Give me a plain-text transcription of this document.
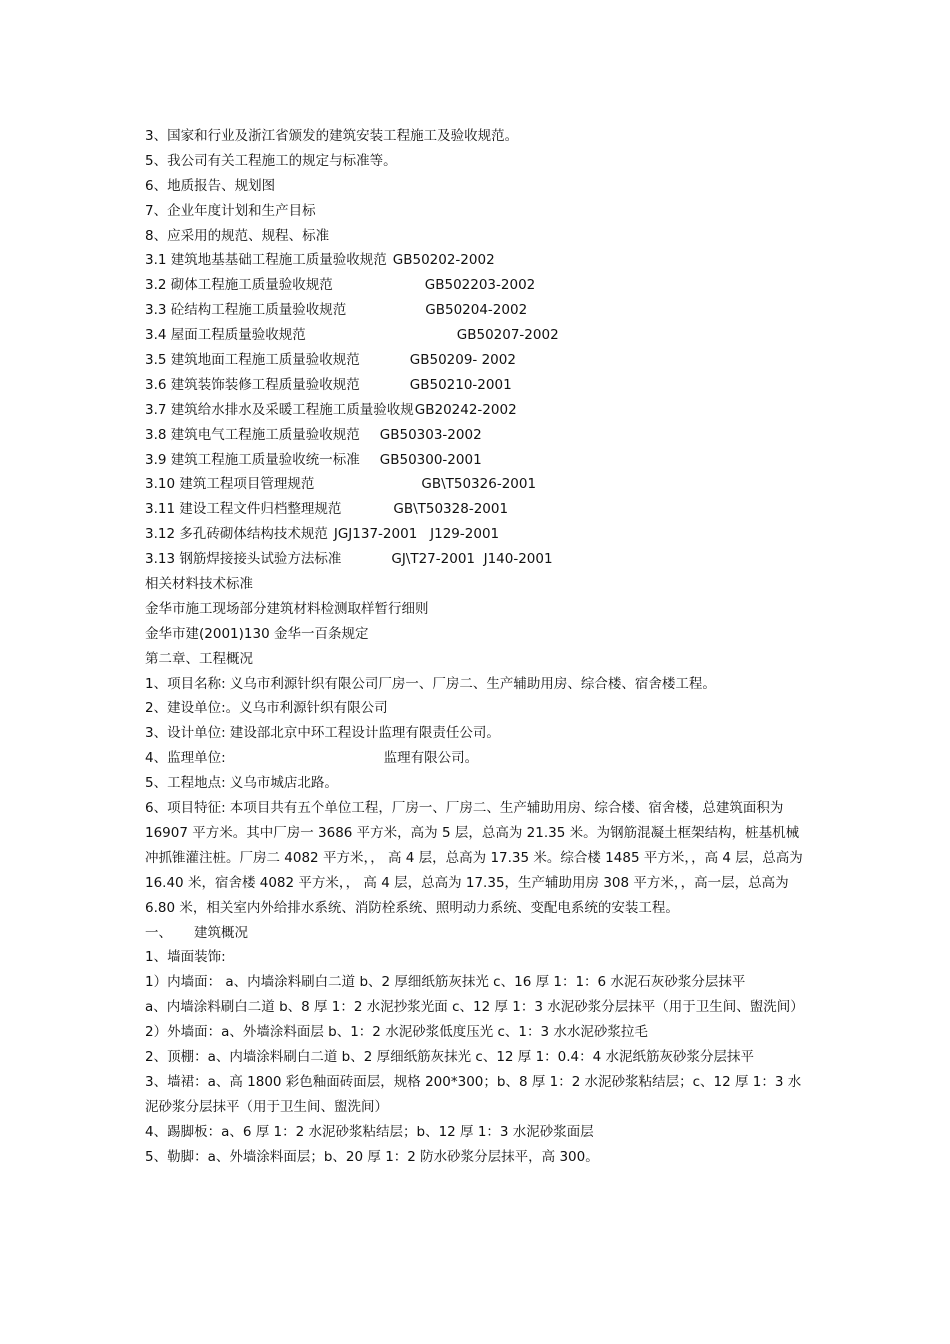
3、国家和行业及浙江省颁发的建筑安装工程施工及验收规范。
5、我公司有关工程施工的规定与标准等。
6、地质报告、规划图
7、企业年度计划和生产目标
8、应采用的规范、规程、标准
3.1 建筑地基基础工程施工质量验收规范 GB50202-2002
3.2 砌体工程施工质量验收规范	GB502203-2002
3.3 砼结构工程施工质量验收规范	GB50204-2002
3.4 屋面工程质量验收规范	GB50207-2002
3.5 建筑地面工程施工质量验收规范	GB50209- 2002
3.6 建筑装饰装修工程质量验收规范	GB50210-2001
3.7 建筑给水排水及采暖工程施工质量验收规GB20242-2002
3.8 建筑电气工程施工质量验收规范 GB50303-2002
3.9 建筑工程施工质量验收统一标准 GB50300-2001
3.10 建筑工程项目管理规范	GB\T50326-2001
3.11 建设工程文件归档整理规范	GB\T50328-2001
3.12 多孔砖砌体结构技术规范 JGJ137-2001   J129-2001
3.13 钢筋焊接接头试验方法标准	GJ\T27-2001  J140-2001
相关材料技术标准
金华市施工现场部分建筑材料检测取样暂行细则
金华市建(2001)130 金华一百条规定
第二章、工程概况
1、项目名称: 义乌市利源针织有限公司厂房一、厂房二、生产辅助用房、综合楼、宿舍楼工程。
2、建设单位:。义乌市利源针织有限公司
3、设计单位: 建设部北京中环工程设计监理有限责任公司。
4、监理单位:	监理有限公司。
5、工程地点: 义乌市城店北路。
6、项目特征: 本项目共有五个单位工程，厂房一、厂房二、生产辅助用房、综合楼、宿舍楼，总建筑面积为 16907 平方米。其中厂房一 3686 平方米，高为 5 层，总高为 21.35 米。为钢筋混凝土框架结构，桩基机械冲抓锥灌注桩。厂房二 4082 平方米，， 高 4 层，总高为 17.35 米。综合楼 1485 平方米，，高 4 层，总高为 16.40 米，宿舍楼 4082 平方米，， 高 4 层，总高为 17.35，生产辅助用房 308 平方米，，高一层，总高为 6.80 米，相关室内外给排水系统、消防栓系统、照明动力系统、变配电系统的安装工程。
一、 建筑概况
1、墙面装饰:
1）内墙面： a、内墙涂料刷白二道 b、2 厚细纸筋灰抹光 c、16 厚 1：1：6 水泥石灰砂浆分层抹平
a、内墙涂料刷白二道 b、8 厚 1：2 水泥抄浆光面 c、12 厚 1：3 水泥砂浆分层抹平（用于卫生间、盥洗间）
2）外墙面：a、外墙涂料面层 b、1：2 水泥砂浆低度压光 c、1：3 水水泥砂浆拉毛
2、顶棚：a、内墙涂料刷白二道 b、2 厚细纸筋灰抹光 c、12 厚 1：0.4：4 水泥纸筋灰砂浆分层抹平
3、墙裙：a、高 1800 彩色釉面砖面层，规格 200*300；b、8 厚 1：2 水泥砂浆粘结层；c、12 厚 1：3 水泥砂浆分层抹平（用于卫生间、盥洗间）
4、踢脚板：a、6 厚 1：2 水泥砂浆粘结层；b、12 厚 1：3 水泥砂浆面层
5、勒脚：a、外墙涂料面层；b、20 厚 1：2 防水砂浆分层抹平，高 300。
